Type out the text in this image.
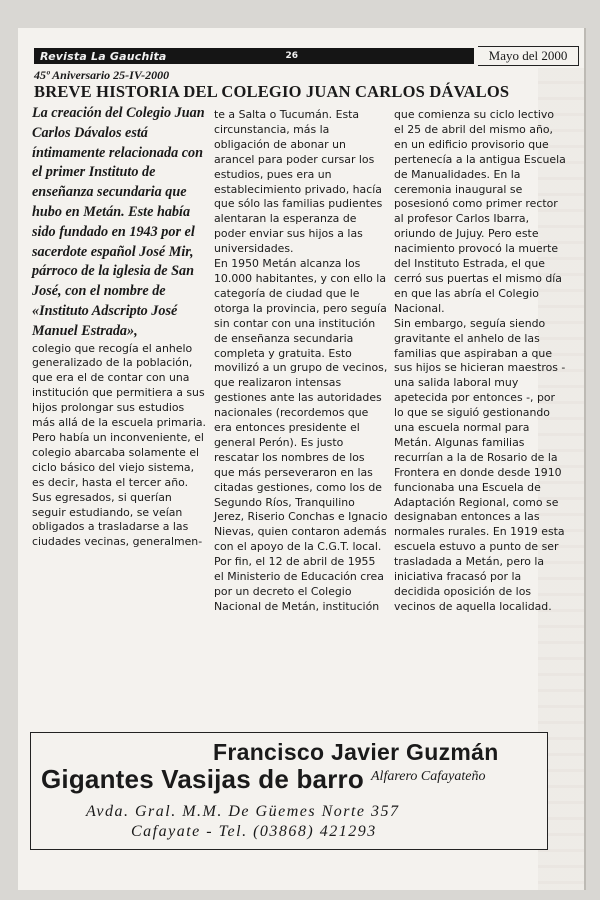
Revista La Gauchita	26	Mayo del 2000
45º Aniversario 25-IV-2000
BREVE HISTORIA DEL COLEGIO JUAN CARLOS DÁVALOS

La creación del Colegio Juan Carlos Dávalos está íntimamente relacionada con el primer Instituto de enseñanza secundaria que hubo en Metán. Este había sido fundado en 1943 por el sacerdote español José Mir, párroco de la iglesia de San José, con el nombre de «Instituto Adscripto José Manuel Estrada»,

colegio que recogía el anhelo generalizado de la población, que era el de contar con una institución que permitiera a sus hijos prolongar sus estudios más allá de la escuela primaria.

Pero había un inconveniente, el colegio abarcaba solamente el ciclo básico del viejo sistema, es decir, hasta el tercer año. Sus egresados, si querían seguir estudiando, se veían obligados a trasladarse a las ciudades vecinas, generalmen-

te a Salta o Tucumán. Esta circunstancia, más la obligación de abonar un arancel para poder cursar los estudios, pues era un establecimiento privado, hacía que sólo las familias pudientes alentaran la esperanza de poder enviar sus hijos a las universidades.

En 1950 Metán alcanza los 10.000 habitantes, y con ello la categoría de ciudad que le otorga la provincia, pero seguía sin contar con una institución de enseñanza secundaria completa y gratuita. Esto movilizó a un grupo de vecinos, que realizaron intensas gestiones ante las autoridades nacionales (recordemos que era entonces presidente el general Perón). Es justo rescatar los nombres de los que más perseveraron en las citadas gestiones, como los de Segundo Ríos, Tranquilino Jerez, Riserio Conchas e Ignacio Nievas, quien contaron además con el apoyo de la C.G.T. local.

Por fin, el 12 de abril de 1955 el Ministerio de Educación crea por un decreto el Colegio Nacional de Metán, institución

que comienza su ciclo lectivo el 25 de abril del mismo año, en un edificio provisorio que pertenecía a la antigua Escuela de Manualidades. En la ceremonia inaugural se posesionó como primer rector al profesor Carlos Ibarra, oriundo de Jujuy. Pero este nacimiento provocó la muerte del Instituto Estrada, el que cerró sus puertas el mismo día en que las abría el Colegio Nacional.

Sin embargo, seguía siendo gravitante el anhelo de las familias que aspiraban a que sus hijos se hicieran maestros - una salida laboral muy apetecida por entonces -, por lo que se siguió gestionando una escuela normal para Metán. Algunas familias recurrían a la de Rosario de la Frontera en donde desde 1910 funcionaba una Escuela de Adaptación Regional, como se designaban entonces a las normales rurales. En 1919 esta escuela estuvo a punto de ser trasladada a Metán, pero la iniciativa fracasó por la decidida oposición de los vecinos de aquella localidad.

Francisco Javier Guzmán
Gigantes Vasijas de barro Alfarero Cafayateño
Avda. Gral. M.M. De Güemes Norte 357
Cafayate - Tel. (03868) 421293
